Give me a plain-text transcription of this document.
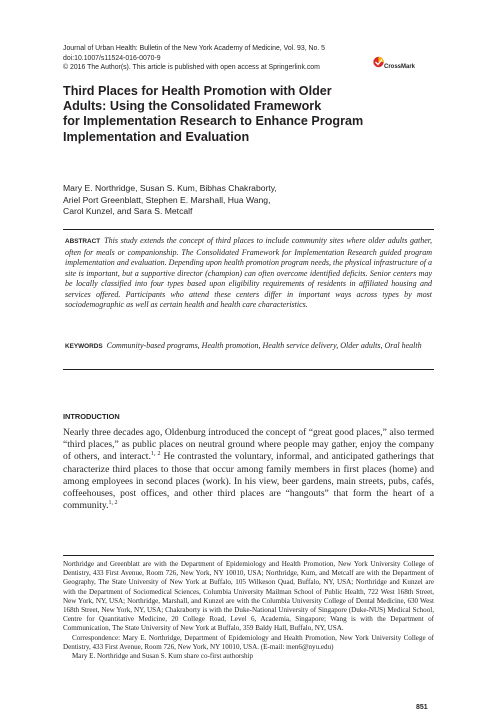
Journal of Urban Health: Bulletin of the New York Academy of Medicine, Vol. 93, No. 5
doi:10.1007/s11524-016-0070-9
© 2016 The Author(s). This article is published with open access at Springerlink.com	CrossMark
Third Places for Health Promotion with Older
Adults: Using the Consolidated Framework
for Implementation Research to Enhance Program
Implementation and Evaluation
Mary E. Northridge, Susan S. Kum, Bibhas Chakraborty,
Ariel Port Greenblatt, Stephen E. Marshall, Hua Wang,
Carol Kunzel, and Sara S. Metcalf
ABSTRACT This study extends the concept of third places to include community sites where older adults gather, often for meals or companionship. The Consolidated Framework for Implementation Research guided program implementation and evaluation. Depending upon health promotion program needs, the physical infrastructure of a site is important, but a supportive director (champion) can often overcome identified deficits. Senior centers may be locally classified into four types based upon eligibility requirements of residents in affiliated housing and services offered. Participants who attend these centers differ in important ways across types by most sociodemographic as well as certain health and health care characteristics.
KEYWORDS Community-based programs, Health promotion, Health service delivery, Older adults, Oral health
INTRODUCTION
Nearly three decades ago, Oldenburg introduced the concept of “great good places,” also termed “third places,” as public places on neutral ground where people may gather, enjoy the company of others, and interact.$^{1, 2}$ He contrasted the voluntary, informal, and anticipated gatherings that characterize third places to those that occur among family members in first places (home) and among employees in second places (work). In his view, beer gardens, main streets, pubs, cafés, coffeehouses, post offices, and other third places are “hangouts” that form the heart of a community.$^{1, 2}$

Northridge and Greenblatt are with the Department of Epidemiology and Health Promotion, New York University College of Dentistry, 433 First Avenue, Room 726, New York, NY 10010, USA; Northridge, Kum, and Metcalf are with the Department of Geography, The State University of New York at Buffalo, 105 Wilkeson Quad, Buffalo, NY, USA; Northridge and Kunzel are with the Department of Sociomedical Sciences, Columbia University Mailman School of Public Health, 722 West 168th Street, New York, NY, USA; Northridge, Marshall, and Kunzel are with the Columbia University College of Dental Medicine, 630 West 168th Street, New York, NY, USA; Chakraborty is with the Duke-National University of Singapore (Duke-NUS) Medical School, Centre for Quantitative Medicine, 20 College Road, Level 6, Academia, Singapore; Wang is with the Department of Communication, The State University of New York at Buffalo, 359 Baldy Hall, Buffalo, NY, USA.

Correspondence: Mary E. Northridge, Department of Epidemiology and Health Promotion, New York University College of Dentistry, 433 First Avenue, Room 726, New York, NY 10010, USA. (E-mail: men6@nyu.edu)

Mary E. Northridge and Susan S. Kum share co-first authorship

851
